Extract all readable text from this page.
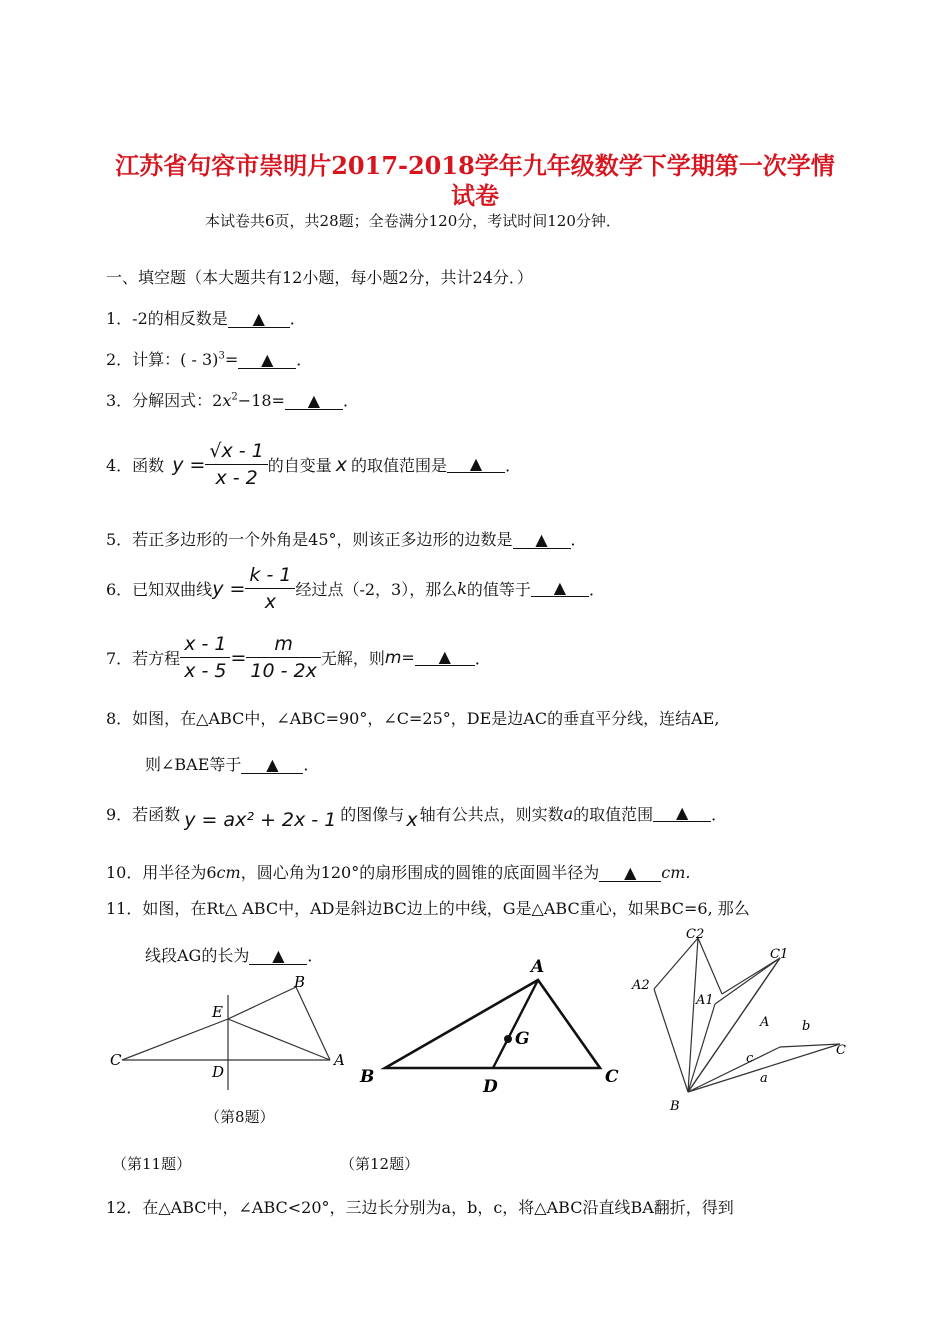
江苏省句容市崇明片2017-2018学年九年级数学下学期第一次学情
试卷
本试卷共6页，共28题；全卷满分120分，考试时间120分钟．
一、填空题（本大题共有12小题，每小题2分，共计24分．）
1．-2的相反数是 ▲ ．
2．计算：( - 3)$^3$= ▲ ．
3．分解因式：$2x^2-18=$ ▲ ．
4．函数 $y = \frac{√x - 1}{x - 2}$ 的自变量 x 的取值范围是	▲	．
5．若正多边形的一个外角是45°，则该正多边形的边数是 ▲ ．
6．已知双曲线 $y = \frac{k - 1}{x}$ 经过点（-2，3），那么 k 的值等于	▲	．
7．若方程 $\frac{x - 1}{x - 5} = \frac{m}{10 - 2x}$ 无解，则 m =	▲	．
8．如图，在△ABC中，∠ABC=90°，∠C=25°，DE是边AC的垂直平分线，连结AE,
则∠BAE等于 ▲ ．
9．若函数 y = ax² + 2x - 1 的图像与 x 轴有公共点，则实数 a 的取值范围	▲	．
10．用半径为6cm，圆心角为120°的扇形围成的圆锥的底面圆半径为 ▲ cm.
11．如图，在Rt△ ABC中，AD是斜边BC边上的中线，G是△ABC重心，如果BC=6, 那么
线段AG的长为 ▲ ．
B
E
C
D
A
（第8题）
A
G
B	D	C
C2
A2
A1
C1
A	b
c
C
a
B
（第11题）	（第12题）
12．在△ABC中，∠ABC<20°，三边长分别为a，b，c，将△ABC沿直线BA翻折，得到
